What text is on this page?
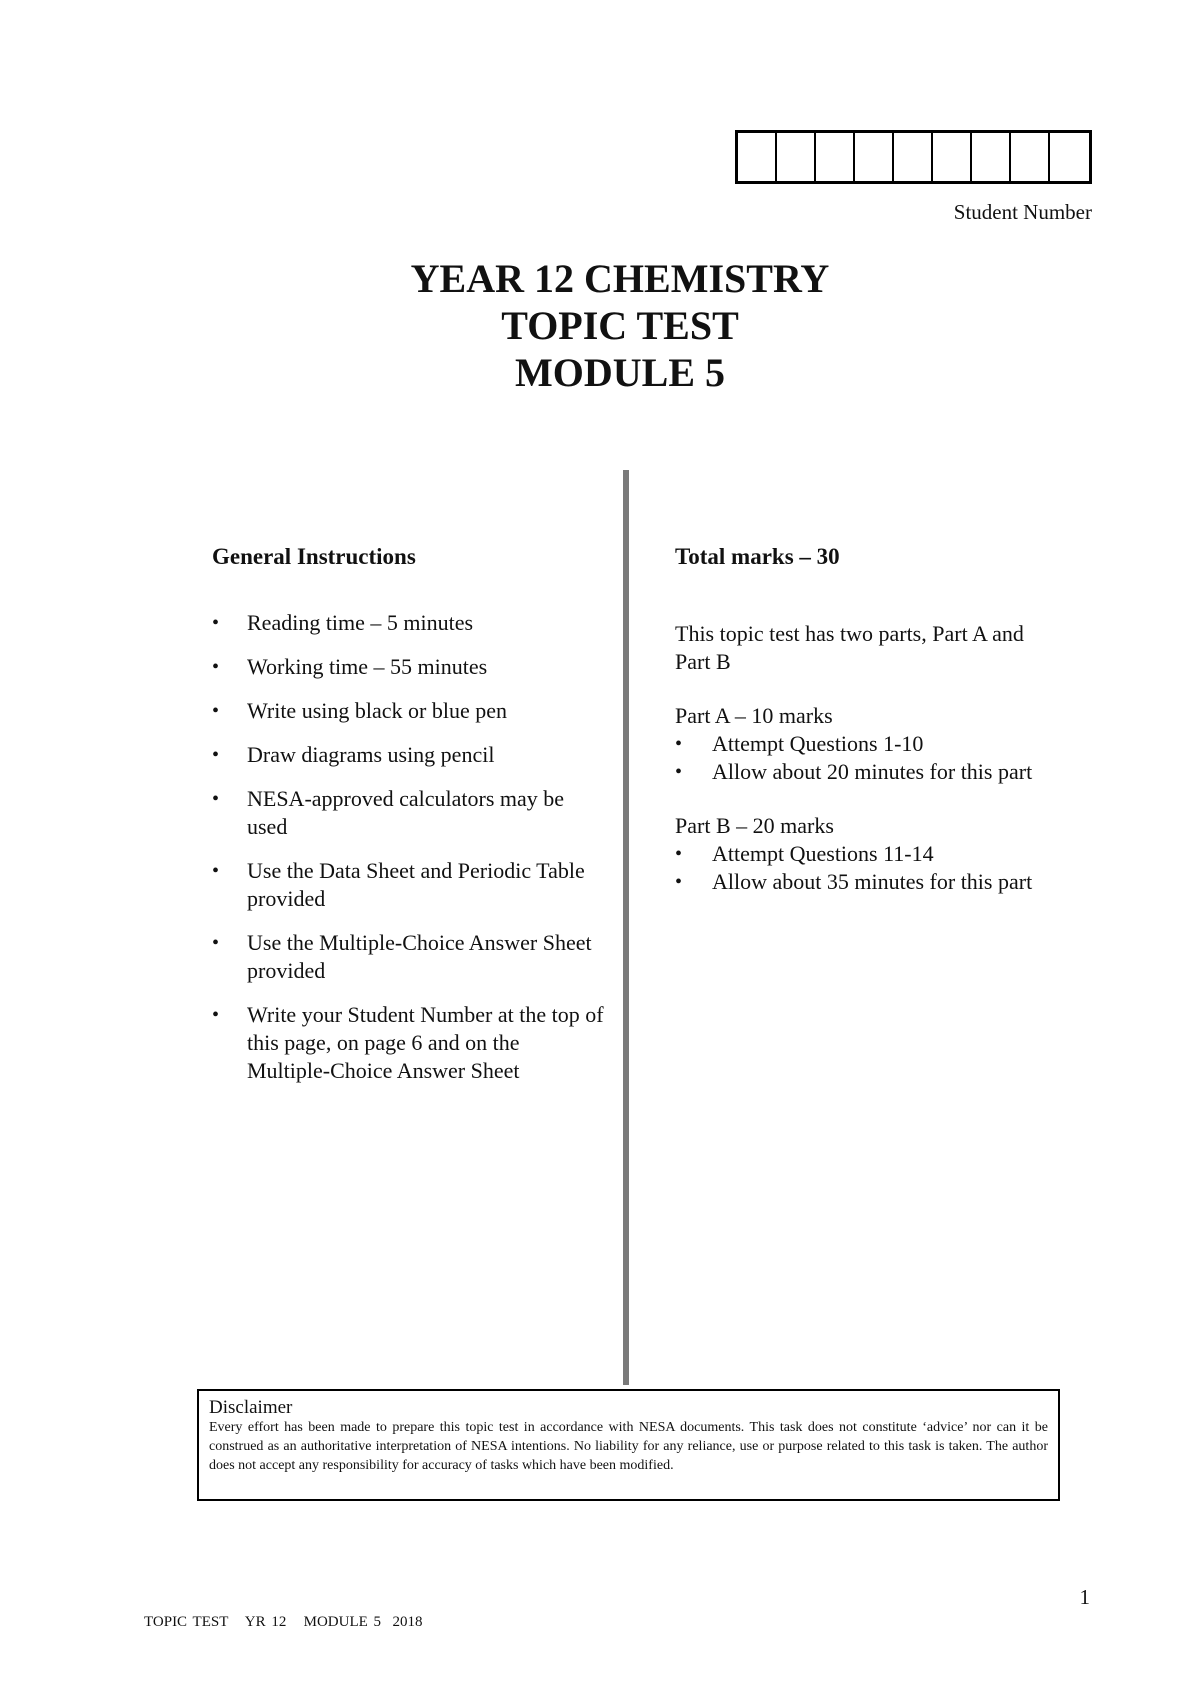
Student Number
YEAR 12 CHEMISTRY
TOPIC TEST
MODULE 5
General Instructions
• Reading time – 5 minutes
• Working time – 55 minutes
• Write using black or blue pen
• Draw diagrams using pencil
• NESA-approved calculators may be used
• Use the Data Sheet and Periodic Table provided
• Use the Multiple-Choice Answer Sheet provided
• Write your Student Number at the top of this page, on page 6 and on the Multiple-Choice Answer Sheet
Total marks – 30
This topic test has two parts, Part A and Part B
Part A – 10 marks
• Attempt Questions 1-10
• Allow about 20 minutes for this part
Part B – 20 marks
• Attempt Questions 11-14
• Allow about 35 minutes for this part
Disclaimer
Every effort has been made to prepare this topic test in accordance with NESA documents. This task does not constitute ‘advice’ nor can it be construed as an authoritative interpretation of NESA intentions. No liability for any reliance, use or purpose related to this task is taken. The author does not accept any responsibility for accuracy of tasks which have been modified.
1
TOPIC TEST   YR 12   MODULE 5  2018
